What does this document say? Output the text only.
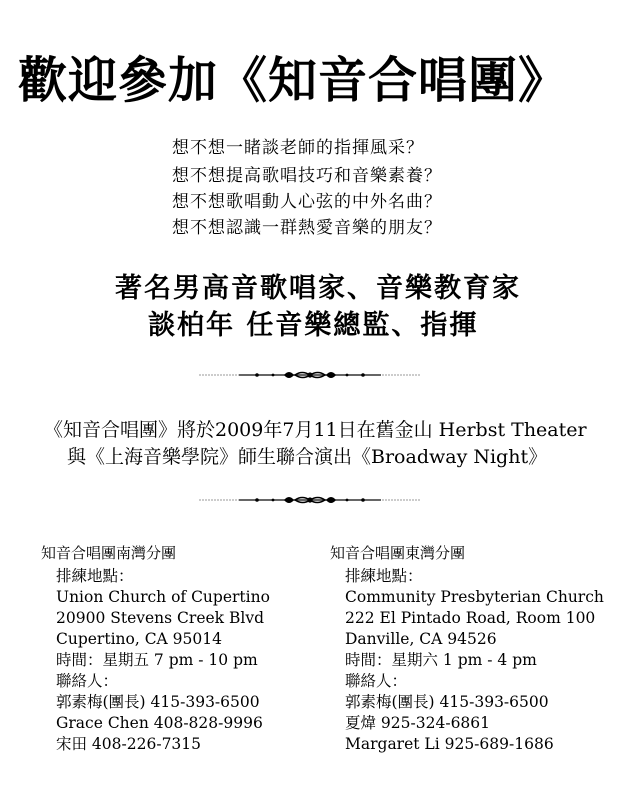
歡迎參加《知音合唱團》
想不想一睹談老師的指揮風采？
想不想提高歌唱技巧和音樂素養？
想不想歌唱動人心弦的中外名曲？
想不想認識一群熱愛音樂的朋友？
著名男高音歌唱家、音樂教育家
談柏年 任音樂總監、指揮
《知音合唱團》將於2009年7月11日在舊金山 Herbst Theater
與《上海音樂學院》師生聯合演出《Broadway Night》
知音合唱團南灣分團
排練地點：
Union Church of Cupertino
20900 Stevens Creek Blvd
Cupertino, CA 95014
時間：星期五 7 pm - 10 pm
聯絡人：
郭素梅(團長) 415-393-6500
Grace Chen 408-828-9996
宋田 408-226-7315
知音合唱團東灣分團
排練地點：
Community Presbyterian Church
222 El Pintado Road, Room 100
Danville, CA 94526
時間：星期六 1 pm - 4 pm
聯絡人：
郭素梅(團長) 415-393-6500
夏煒 925-324-6861
Margaret Li 925-689-1686
